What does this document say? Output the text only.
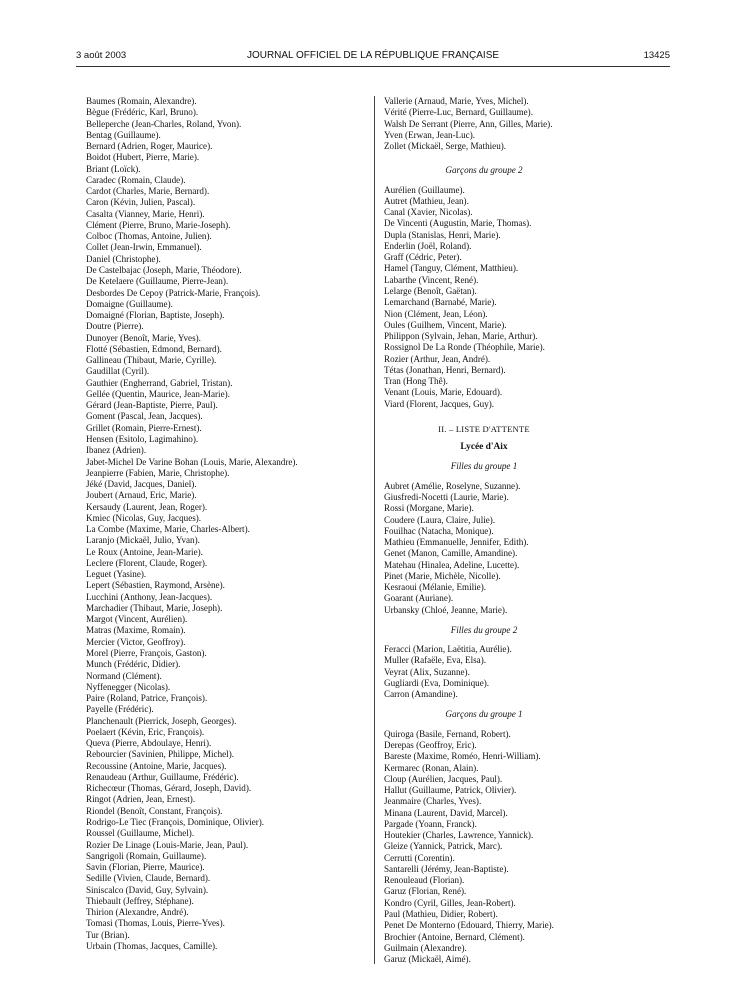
3 août 2003	JOURNAL OFFICIEL DE LA RÉPUBLIQUE FRANÇAISE	13425
Baumes (Romain, Alexandre).
Bègue (Frédéric, Karl, Bruno).
Belleperche (Jean-Charles, Roland, Yvon).
Bentag (Guillaume).
Bernard (Adrien, Roger, Maurice).
Boidot (Hubert, Pierre, Marie).
Briant (Loïck).
Caradec (Romain, Claude).
Cardot (Charles, Marie, Bernard).
Caron (Kévin, Julien, Pascal).
Casalta (Vianney, Marie, Henri).
Clément (Pierre, Bruno, Marie-Joseph).
Colboc (Thomas, Antoine, Julien).
Collet (Jean-Irwin, Emmanuel).
Daniel (Christophe).
De Castelbajac (Joseph, Marie, Théodore).
De Ketelaere (Guillaume, Pierre-Jean).
Desbordes De Cepoy (Patrick-Marie, François).
Domaigne (Guillaume).
Domaigné (Florian, Baptiste, Joseph).
Doutre (Pierre).
Dunoyer (Benoît, Marie, Yves).
Flotté (Sébastien, Edmond, Bernard).
Gallineau (Thibaut, Marie, Cyrille).
Gaudillat (Cyril).
Gauthier (Engherrand, Gabriel, Tristan).
Gellée (Quentin, Maurice, Jean-Marie).
Gérard (Jean-Baptiste, Pierre, Paul).
Goment (Pascal, Jean, Jacques).
Grillet (Romain, Pierre-Ernest).
Hensen (Esitolo, Lagimahino).
Ibanez (Adrien).
Jabet-Michel De Varine Bohan (Louis, Marie, Alexandre).
Jeanpierre (Fabien, Marie, Christophe).
Jéké (David, Jacques, Daniel).
Joubert (Arnaud, Eric, Marie).
Kersaudy (Laurent, Jean, Roger).
Kmiec (Nicolas, Guy, Jacques).
La Combe (Maxime, Marie, Charles-Albert).
Laranjo (Mickaël, Julio, Yvan).
Le Roux (Antoine, Jean-Marie).
Leclere (Florent, Claude, Roger).
Leguet (Yasine).
Lepert (Sébastien, Raymond, Arsène).
Lucchini (Anthony, Jean-Jacques).
Marchadier (Thibaut, Marie, Joseph).
Margot (Vincent, Aurélien).
Matras (Maxime, Romain).
Mercier (Victor, Geoffroy).
Morel (Pierre, François, Gaston).
Munch (Frédéric, Didier).
Normand (Clément).
Nyffenegger (Nicolas).
Paire (Roland, Patrice, François).
Payelle (Frédéric).
Planchenault (Pierrick, Joseph, Georges).
Poelaert (Kévin, Eric, François).
Queva (Pierre, Abdoulaye, Henri).
Rebourcier (Savinien, Philippe, Michel).
Recoussine (Antoine, Marie, Jacques).
Renaudeau (Arthur, Guillaume, Frédéric).
Richecœur (Thomas, Gérard, Joseph, David).
Ringot (Adrien, Jean, Ernest).
Riondel (Benoît, Constant, François).
Rodrigo-Le Tiec (François, Dominique, Olivier).
Roussel (Guillaume, Michel).
Rozier De Linage (Louis-Marie, Jean, Paul).
Sangrigoli (Romain, Guillaume).
Savin (Florian, Pierre, Maurice).
Sedille (Vivien, Claude, Bernard).
Siniscalco (David, Guy, Sylvain).
Thiebault (Jeffrey, Stéphane).
Thirion (Alexandre, André).
Tomasi (Thomas, Louis, Pierre-Yves).
Tur (Brian).
Urbain (Thomas, Jacques, Camille).
Vallerie (Arnaud, Marie, Yves, Michel).
Vérité (Pierre-Luc, Bernard, Guillaume).
Walsh De Serrant (Pierre, Ann, Gilles, Marie).
Yven (Erwan, Jean-Luc).
Zollet (Mickaël, Serge, Mathieu).
Garçons du groupe 2
Aurélien (Guillaume).
Autret (Mathieu, Jean).
Canal (Xavier, Nicolas).
De Vincenti (Augustin, Marie, Thomas).
Dupla (Stanislas, Henri, Marie).
Enderlin (Joël, Roland).
Graff (Cédric, Peter).
Hamel (Tanguy, Clément, Matthieu).
Labarthe (Vincent, René).
Lelarge (Benoît, Gaëtan).
Lemarchand (Barnabé, Marie).
Nion (Clément, Jean, Léon).
Oules (Guilhem, Vincent, Marie).
Philippon (Sylvain, Jehan, Marie, Arthur).
Rossignol De La Ronde (Théophile, Marie).
Rozier (Arthur, Jean, André).
Tétas (Jonathan, Henri, Bernard).
Tran (Hong Thê).
Venant (Louis, Marie, Edouard).
Viard (Florent, Jacques, Guy).
II. – LISTE D'ATTENTE
Lycée d'Aix
Filles du groupe 1
Aubret (Amélie, Roselyne, Suzanne).
Giusfredi-Nocetti (Laurie, Marie).
Rossi (Morgane, Marie).
Coudere (Laura, Claire, Julie).
Fouilhac (Natacha, Monique).
Mathieu (Emmanuelle, Jennifer, Edith).
Genet (Manon, Camille, Amandine).
Matehau (Hinalea, Adeline, Lucette).
Pinet (Marie, Michèle, Nicolle).
Kesraoui (Mélanie, Emilie).
Goarant (Auriane).
Urbansky (Chloé, Jeanne, Marie).
Filles du groupe 2
Feracci (Marion, Laëtitia, Aurélie).
Muller (Rafaële, Eva, Elsa).
Veyrat (Alix, Suzanne).
Gugliardi (Eva, Dominique).
Carron (Amandine).
Garçons du groupe 1
Quiroga (Basile, Fernand, Robert).
Derepas (Geoffroy, Eric).
Bareste (Maxime, Roméo, Henri-William).
Kermarec (Ronan, Alain).
Cloup (Aurélien, Jacques, Paul).
Hallut (Guillaume, Patrick, Olivier).
Jeanmaire (Charles, Yves).
Minana (Laurent, David, Marcel).
Pargade (Yoann, Franck).
Houtekier (Charles, Lawrence, Yannick).
Gleize (Yannick, Patrick, Marc).
Cerrutti (Corentin).
Santarelli (Jérémy, Jean-Baptiste).
Renouleaud (Florian).
Garuz (Florian, René).
Kondro (Cyril, Gilles, Jean-Robert).
Paul (Mathieu, Didier, Robert).
Penet De Monterno (Edouard, Thierry, Marie).
Brochier (Antoine, Bernard, Clément).
Guilmain (Alexandre).
Garuz (Mickaël, Aimé).
